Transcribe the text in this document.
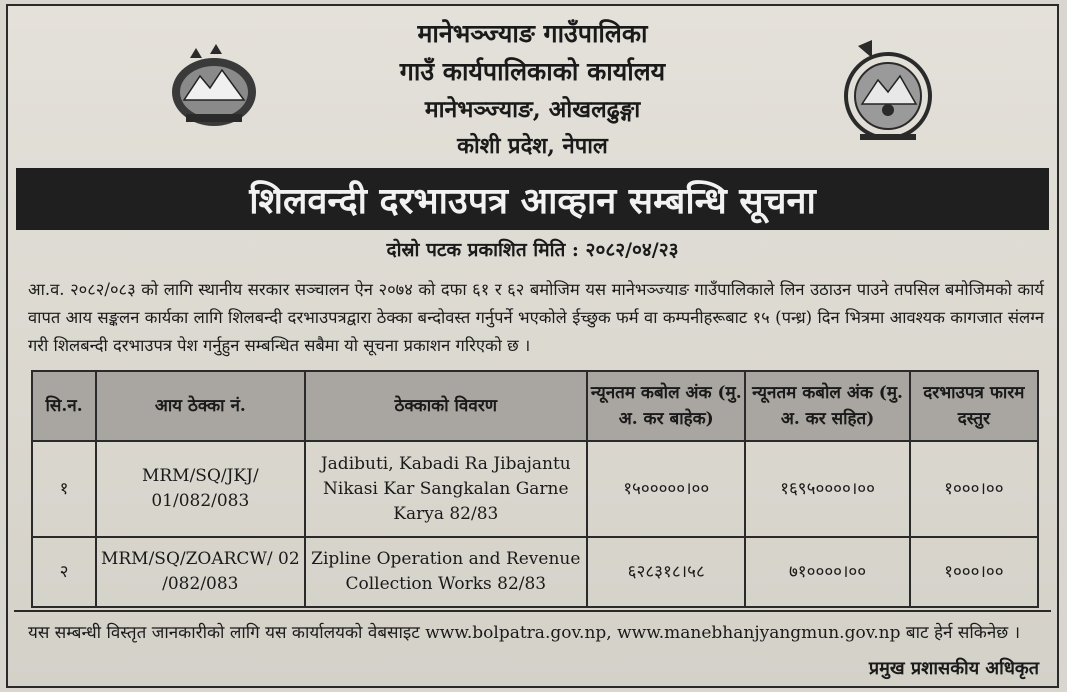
मानेभञ्ज्याङ गाउँपालिका
गाउँ कार्यपालिकाको कार्यालय
मानेभञ्ज्याङ, ओखलढुङ्गा
कोशी प्रदेश, नेपाल
शिलवन्दी दरभाउपत्र आव्हान सम्बन्धि सूचना
दोस्रो पटक प्रकाशित मिति : २०८२/०४/२३
आ.व. २०८२/०८३ को लागि स्थानीय सरकार सञ्चालन ऐन २०७४ को दफा ६१ र ६२ बमोजिम यस मानेभञ्ज्याङ गाउँपालिकाले लिन उठाउन पाउने तपसिल बमोजिमको कार्य वापत आय सङ्कलन कार्यका लागि शिलबन्दी दरभाउपत्रद्वारा ठेक्का बन्दोवस्त गर्नुपर्ने भएकोले ईच्छुक फर्म वा कम्पनीहरूबाट १५ (पन्ध्र) दिन भित्रमा आवश्यक कागजात संलग्न गरी शिलबन्दी दरभाउपत्र पेश गर्नुहुन सम्बन्धित सबैमा यो सूचना प्रकाशन गरिएको छ ।
सि.न.	आय ठेक्का नं.	ठेक्काको विवरण	न्यूनतम कबोल अंक (मु. अ. कर बाहेक)	न्यूनतम कबोल अंक (मु. अ. कर सहित)	दरभाउपत्र फारम दस्तुर
१	MRM/SQ/JKJ/ 01/082/083	Jadibuti, Kabadi Ra Jibajantu Nikasi Kar Sangkalan Garne Karya 82/83	१५०००००।००	१६९५००००।००	१०००।००
२	MRM/SQ/ZOARCW/ 02 /082/083	Zipline Operation and Revenue Collection Works 82/83	६२८३१८।५८	७१००००।००	१०००।००
यस सम्बन्धी विस्तृत जानकारीको लागि यस कार्यालयको वेबसाइट www.bolpatra.gov.np, www.manebhanjyangmun.gov.np बाट हेर्न सकिनेछ ।
प्रमुख प्रशासकीय अधिकृत
